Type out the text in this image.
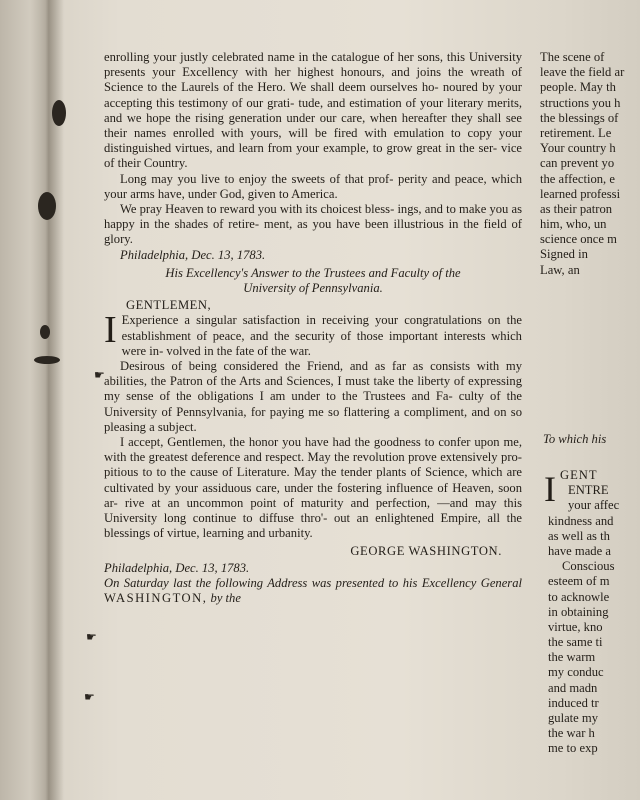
☛
☛
☛

enrolling your justly celebrated name in the catalogue of her sons, this University presents your Excellency with her highest honours, and joins the wreath of Science to the Laurels of the Hero. We shall deem ourselves ho- noured by your accepting this testimony of our grati- tude, and estimation of your literary merits, and we hope the rising generation under our care, when hereafter they shall see their names enrolled with yours, will be fired with emulation to copy your distinguished virtues, and learn from your example, to grow great in the ser- vice of their Country.

Long may you live to enjoy the sweets of that prof- perity and peace, which your arms have, under God, given to America.

We pray Heaven to reward you with its choicest bless- ings, and to make you as happy in the shades of retire- ment, as you have been illustrious in the field of glory.

Philadelphia, Dec. 13, 1783.
His Excellency's Answer to the Trustees and Faculty of the
University of Pennsylvania.
GENTLEMEN,

I Experience a singular satisfaction in receiving your congratulations on the establishment of peace, and the security of those important interests which were in- volved in the fate of the war.

Desirous of being considered the Friend, and as far as consists with my abilities, the Patron of the Arts and Sciences, I must take the liberty of expressing my sense of the obligations I am under to the Trustees and Fa- culty of the University of Pennsylvania, for paying me so flattering a compliment, and on so pleasing a subject.

I accept, Gentlemen, the honor you have had the goodness to confer upon me, with the greatest deference and respect. May the revolution prove extensively pro- pitious to to the cause of Literature. May the tender plants of Science, which are cultivated by your assiduous care, under the fostering influence of Heaven, soon ar- rive at an uncommon point of maturity and perfection, —and may this University long continue to diffuse thro'- out an enlightened Empire, all the blessings of virtue, learning and urbanity.

GEORGE WASHINGTON.
Philadelphia, Dec. 13, 1783.

On Saturday last the following Address was presented to his Excellency General WASHINGTON, by the

The scene of
leave the field ar
people. May th
structions you h
the blessings of
retirement. Le
Your country h
can prevent yo
the affection, e
learned professi
as their patron
him, who, un
science once m
Signed in
Law, an
To which his
GENT
I ENTRE
your affec
kindness and
as well as th
have made a
Conscious
esteem of m
to acknowle
in obtaining
virtue, kno
the same ti
the warm
my conduc
and madn
induced tr
gulate my
the war h
me to exp
